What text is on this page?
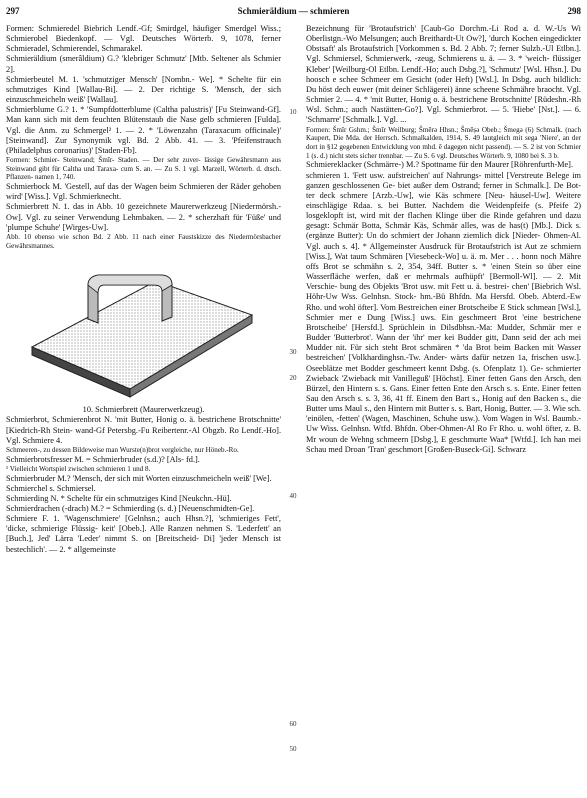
297	Schmieräldium — schmieren	298

Formen: Schmieredel Biebrich Lendf.-Gf; Smirdgel, häufiger Smerdgel Wiss.; Schmierobel Biedenkopf. — Vgl. Deutsches Wörterb. 9, 1078, ferner Schmieradel, Schmierendel, Schmarakel.

Schmieräldium (smerâldium) G.? 'klebriger Schmutz' [Mtb. Seltener als Schmier 2].

Schmierbeutel M. 1. 'schmutziger Mensch' [Nombn.- We]. * Schelte für ein schmutziges Kind [Wallau-Bi]. — 2. Der richtige S. 'Mensch, der sich einzuschmeicheln weiß' [Wallau].

Schmierblume G.? 1. * 'Sumpfdotterblume (Caltha palustris)' [Fu Steinwand-Gf]. Man kann sich mit dem feuchten Blütenstaub die Nase gelb schmieren [Fulda]. Vgl. die Anm. zu Schmergel² 1. — 2. * 'Löwenzahn (Taraxacum officinale)' [Steinwand]. Zur Synonymik vgl. Bd. 2 Abb. 41. — 3. 'Pfeifenstrauch (Philadelphus coronarius)' [Staden-Fb].

Formen: Schmier- Steinwand; Šmīr- Staden. — Der sehr zuver- lässige Gewährsmann aus Steinwand gibt für Caltha und Taraxa- cum S. an. — Zu S. 1 vgl. Marzell, Wörterb. d. dtsch. Pflanzen- namen 1, 740.

Schmierbock M. 'Gestell, auf das der Wagen beim Schmieren der Räder gehoben wird' [Wiss.]. Vgl. Schmierknecht.

Schmierbrett N. 1. das in Abb. 10 gezeichnete Maurerwerkzeug [Niedermörsh.-Ow]. Vgl. zu seiner Verwendung Lehmbaken. — 2. * scherzhaft für 'Füße' und 'plumpe Schuhe' [Wirges-Uw].

Abb. 10 ebenso wie schon Bd. 2 Abb. 11 nach einer Faustskizze des Niedermörsbacher Gewährsmannes.

10. Schmierbrett (Maurerwerkzeug).

Schmierbrot, Schmierenbrot N. 'mit Butter, Honig o. ä. bestrichene Brotschnitte' [Kiedrich-Rh Stein- wand-Gf Petersbg.-Fu Reibertenr.-Al Obgzb. Ro Lendf.-Ho]. Vgl. Schmiere 4.

Schmeeren-, zu dessen Bildeweise man Wurste(n)brot vergleiche, nur Höneb.-Ro.

Schmierbrotsfresser M. = Schmierbruder (s.d.)? [Als- fd.].

¹ Vielleicht Wortspiel zwischen schmieren 1 und 8.

Schmierbruder M.? 'Mensch, der sich mit Worten einzuschmeicheln weiß' [We].

Schmierchel s. Schmiersel.

Schmierding N. * Schelte für ein schmutziges Kind [Neukchn.-Hü].

Schmierdrachen (-drach) M.? = Schmierding (s. d.) [Neuenschmidten-Ge].

Schmiere F. 1. 'Wagenschmiere' [Gelnhsn.; auch Hhsn.?], 'schmieriges Fett', 'dicke, schmierige Flüssig- keit' [Obeb.]. Alle Ranzen nehmen S. 'Lederfett' an [Buch.], Jed' Lärra 'Leder' nimmt S. on [Breitscheid- Di] 'jeder Mensch ist bestechlich'. — 2. * allgemeinste

10
20
30
40
50
60

Bezeichnung für 'Brotaufstrich' [Caub-Go Dorchm.-Li Rod a. d. W.-Us Wi Oberlistgn.-Wo Melsungen; auch Breithardt-Ut Ow?], 'durch Kochen eingedickter Obstsaft' als Brotaufstrich [Vorkommen s. Bd. 2 Abb. 7; ferner Sulzb.-Ul Etlbn.]. Vgl. Schmiersel, Schmierwerk, -zeug, Schmierens u. ä. — 3. * 'weich- flüssiger Kleber' [Weilburg-Ol Etlbn. Lendf.-Ho; auch Dsbg.?], 'Schmutz' [Wsl. Hhsn.]. Du hoosch e schee Schmeer em Gesicht (oder Heft) [Wsl.]. In Dsbg. auch bildlich: Du höst dech euwer (mit deiner Schlägerei) änne scheene Schmähre braocht. Vgl. Schmier 2. — 4. * 'mit Butter, Honig o. ä. bestrichene Brotschnitte' [Rüdeshn.-Rh Wsl. Schm.; auch Nastätten-Go?]. Vgl. Schmierbrot. — 5. 'Hiebe' [Nst.]. — 6. 'Schmarre' [Schmalk.]. Vgl. ...

Formen: Šmīr Gshm.; Šmīr Weilburg; Šmērə Hhsn.; Šmēṣə Obeb.; Šmegə (6) Schmalk. (nach Kaupert, Die Mda. der Herrsch. Schmalkalden, 1914, S. 49 lautgleich mit sega 'Niere', an der dort in §12 gegebenen Entwicklung von mhd. ē dagegen nicht passend). — S. 2 ist von Schmier 1 (s. d.) nicht stets sicher trennbar. — Zu S. 6 vgl. Deutsches Wörterb. 9, 1080 bei S. 3 b.

Schmiereklacker (Schmärre-) M.? Spottname für den Maurer [Röhrenfurth-Me].

schmieren 1. 'Fett usw. aufstreichen' auf Nahrungs- mittel [Verstreute Belege im ganzen geschlossenen Ge- biet außer dem Ostrand; ferner in Schmalk.]. De Bot- ter deck schmere [Arzb.-Uw], wie Käs schmere [Neu- häusel-Uw]. Weitere einschlägige Rdaa. s. bei Butter. Nachdem die Weidenpfeife (s. Pfeife 2) losgeklopft ist, wird mit der flachen Klinge über die Rinde gefahren und dazu gesagt: Schmär Botta, Schmär Käs, Schmär alles, was de has(t) [Mb.]. Dick s. (ergänze Butter): Un do schmiert der Johann ziemlich dick [Nieder- Ohmen-Al. Vgl. auch s. 4]. * Allgemeinster Ausdruck für Brotaufstrich ist Aut ze schmiern [Wiss.], Wat taum Schmären [Viesebeck-Wo] u. ä. m. Mer . . . honn noch Mähre offs Brot se schmähn s. 2, 354, 34ff. Butter s. * 'einen Stein so über eine Wasserfläche werfen, daß er mehrmals aufhüpft' [Bermoll-Wl]. — 2. Mit Verschie- bung des Objekts 'Brot usw. mit Fett u. ä. bestrei- chen' [Biebrich Wsl. Höhr-Uw Wss. Gelnhsn. Stock- hm.-Bü Bhfdn. Ma Hersfd. Obeb. Abterd.-Ew Rho. und wohl öfter]. Vom Bestreichen einer Brotscheibe E Stick schmean [Wsl.], Schmier mer e Dung [Wiss.] uws. Ein geschmeert Brot 'eine bestrichene Brotscheibe' [Hersfd.]. Sprüchlein in Dilsdbhsn.-Ma: Mudder, Schmär mer e Budder 'Butterbrot'. Wann der 'ihr' mer kei Budder gitt, Dann seid der ach mei Mudder nit. Für sich steht Brot schmären * 'da Brot beim Backen mit Wasser bestreichen' [Volkhardinghsn.-Tw. Ander- wärts dafür netzen 1a, frischen usw.]. Oseeblätze met Bodder geschmeert kennt Dsbg. (s. Ofenplatz 1). Ge- schmierter Zwieback 'Zwieback mit Vanilleguß' [Höchst]. Einer fetten Gans den Arsch, den Bürzel, den Hintern s. s. Gans. Einer fetten Ente den Arsch s. s. Ente. Einer fetten Sau den Arsch s. s. 3, 36, 41 ff. Einem den Bart s., Honig auf den Backen s., die Butter ums Maul s., den Hintern mit Butter s. s. Bart, Honig, Butter. — 3. Wie sch. 'einölen, -fetten' (Wagen, Maschinen, Schuhe usw.). Vom Wagen in Wsl. Baumb.-Uw Wiss. Gelnhsn. Wtfd. Bhfdn. Ober-Ohmen-Al Ro Fr Rho. u. wohl öfter, z. B. Mr woun de Wehng schmeern [Dsbg.], E geschmurte Waa* [Wtfd.]. Ich han mei Schau med Droan 'Tran' geschmort [Großen-Buseck-Gi]. Schwarz
